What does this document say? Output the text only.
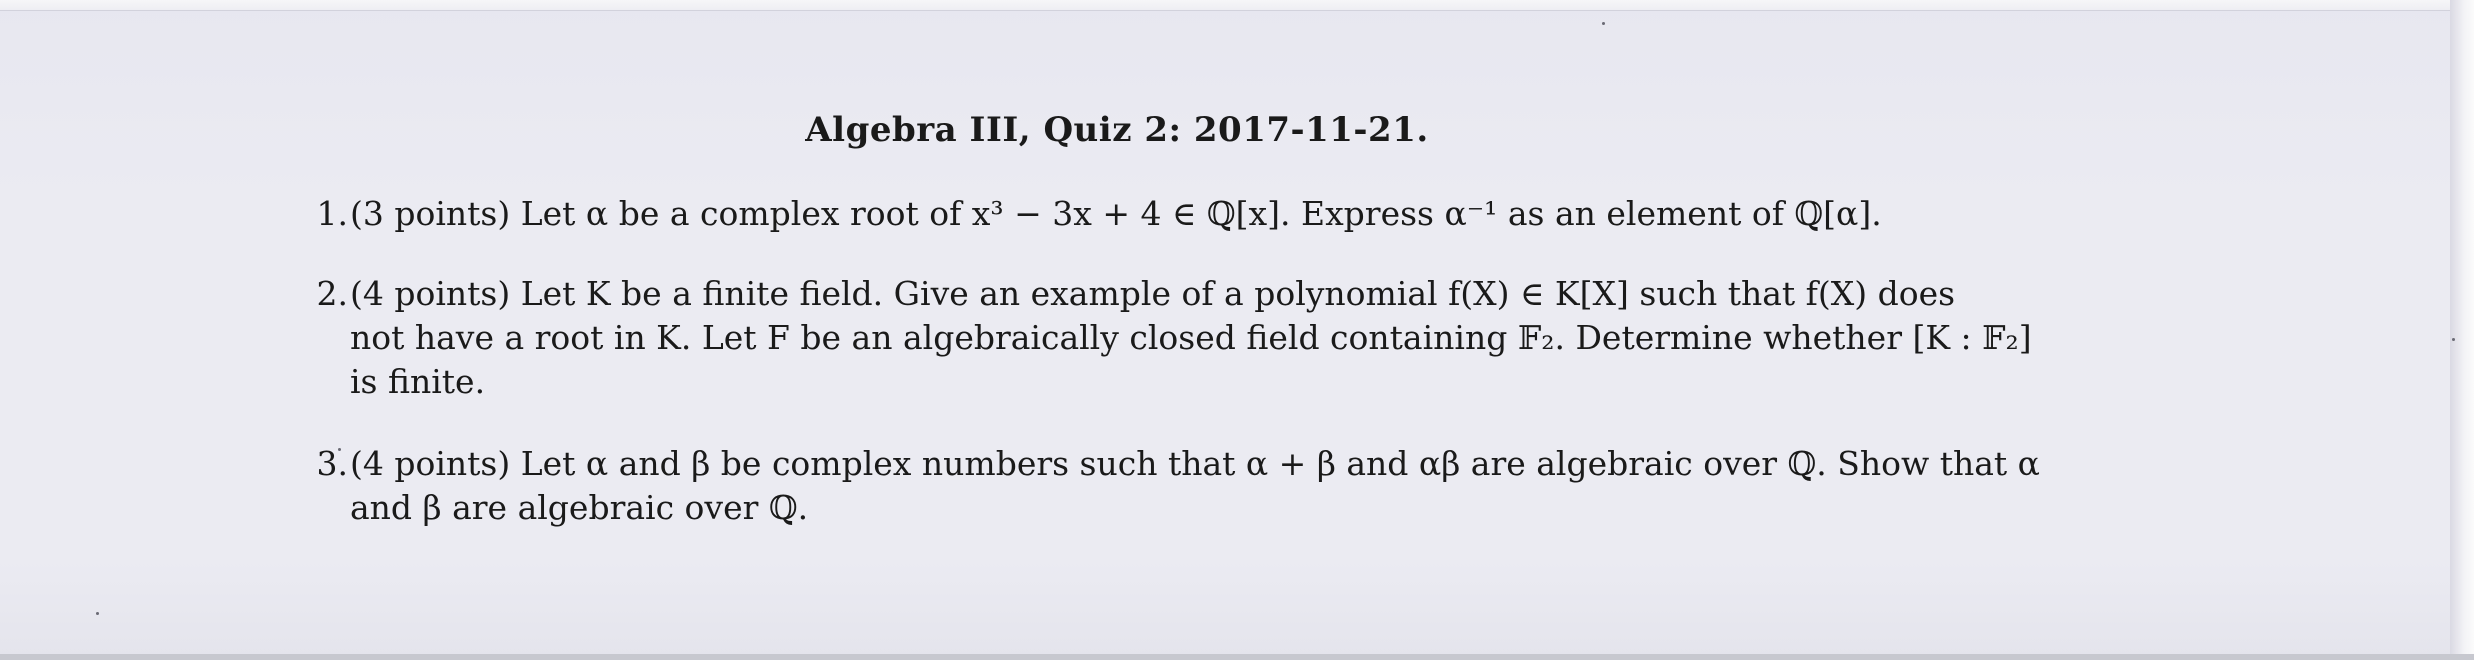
Algebra III, Quiz 2: 2017-11-21.
1. (3 points) Let α be a complex root of x³ − 3x + 4 ∈ ℚ[x]. Express α⁻¹ as an element of ℚ[α].
2. (4 points) Let K be a finite field. Give an example of a polynomial f(X) ∈ K[X] such that f(X) does
not have a root in K. Let F be an algebraically closed field containing 𝔽₂. Determine whether [K : 𝔽₂]
is finite.
3. (4 points) Let α and β be complex numbers such that α + β and αβ are algebraic over ℚ. Show that α
and β are algebraic over ℚ.
